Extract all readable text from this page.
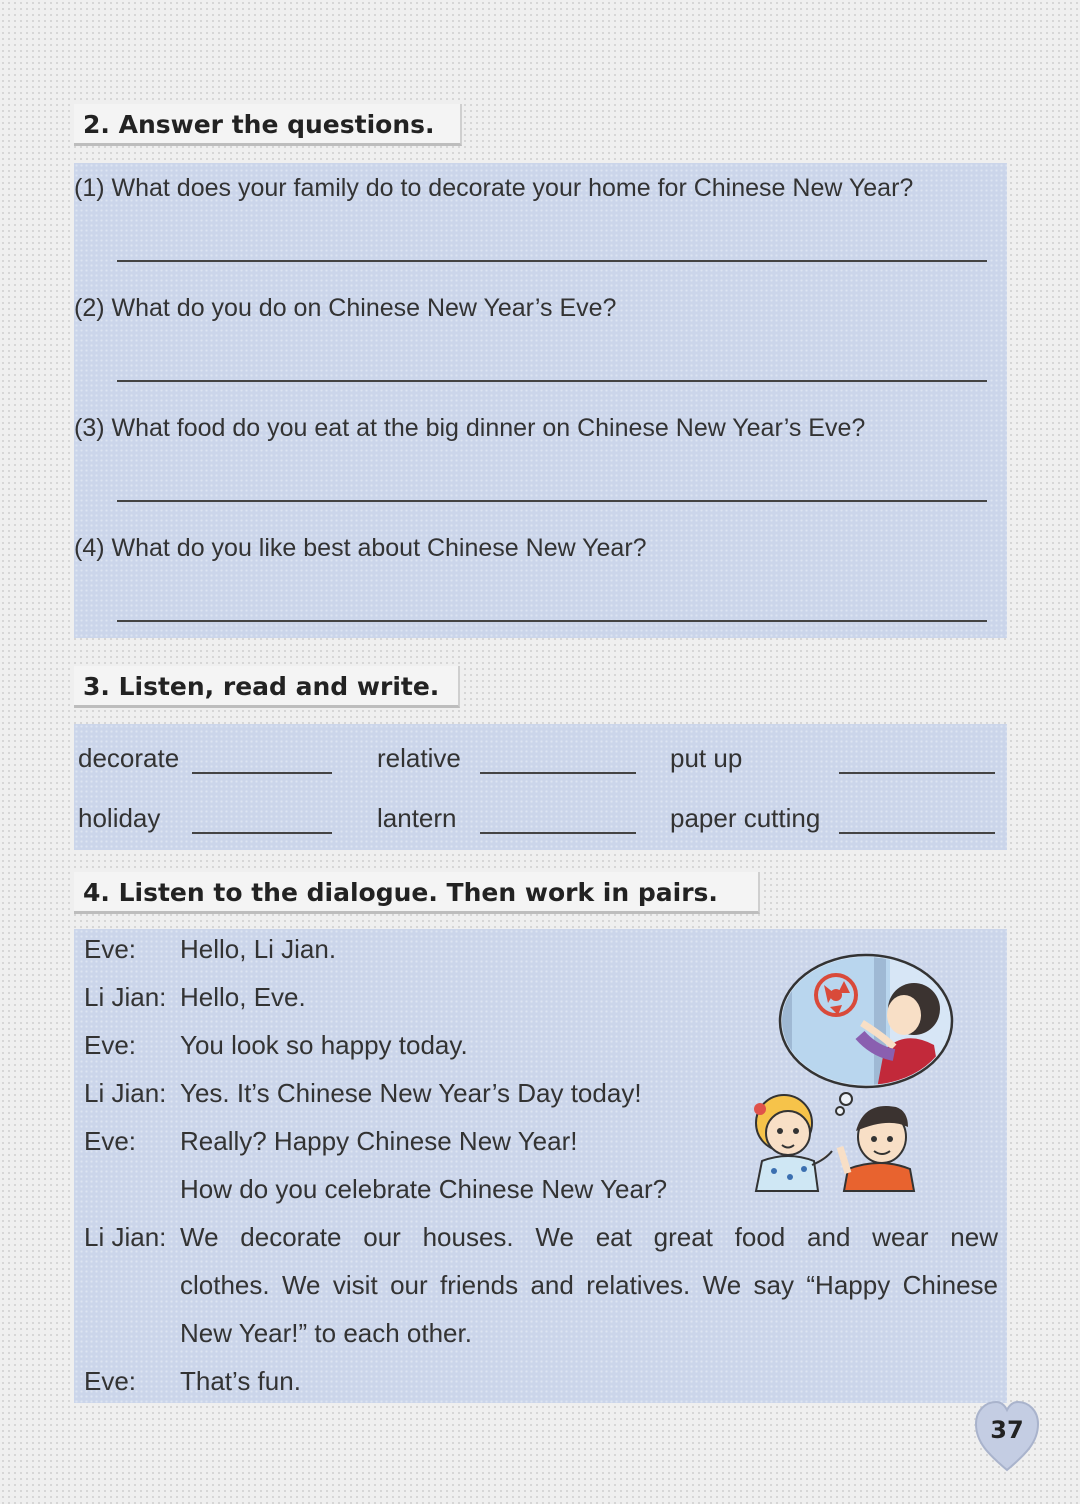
2. Answer the questions.
(1) What does your family do to decorate your home for Chinese New Year?
(2) What do you do on Chinese New Year’s Eve?
(3) What food do you eat at the big dinner on Chinese New Year’s Eve?
(4) What do you like best about Chinese New Year?
3. Listen, read and write.
decorate	relative	put up
holiday	lantern	paper cutting
4. Listen to the dialogue. Then work in pairs.
Eve: Hello, Li Jian.
Li Jian: Hello, Eve.
Eve: You look so happy today.
Li Jian: Yes. It’s Chinese New Year’s Day today!
Eve: Really? Happy Chinese New Year!
How do you celebrate Chinese New Year?
Li Jian: We decorate our houses. We eat great food and wear new
clothes. We visit our friends and relatives. We say “Happy Chinese
New Year!” to each other.
Eve: That’s fun.
37
